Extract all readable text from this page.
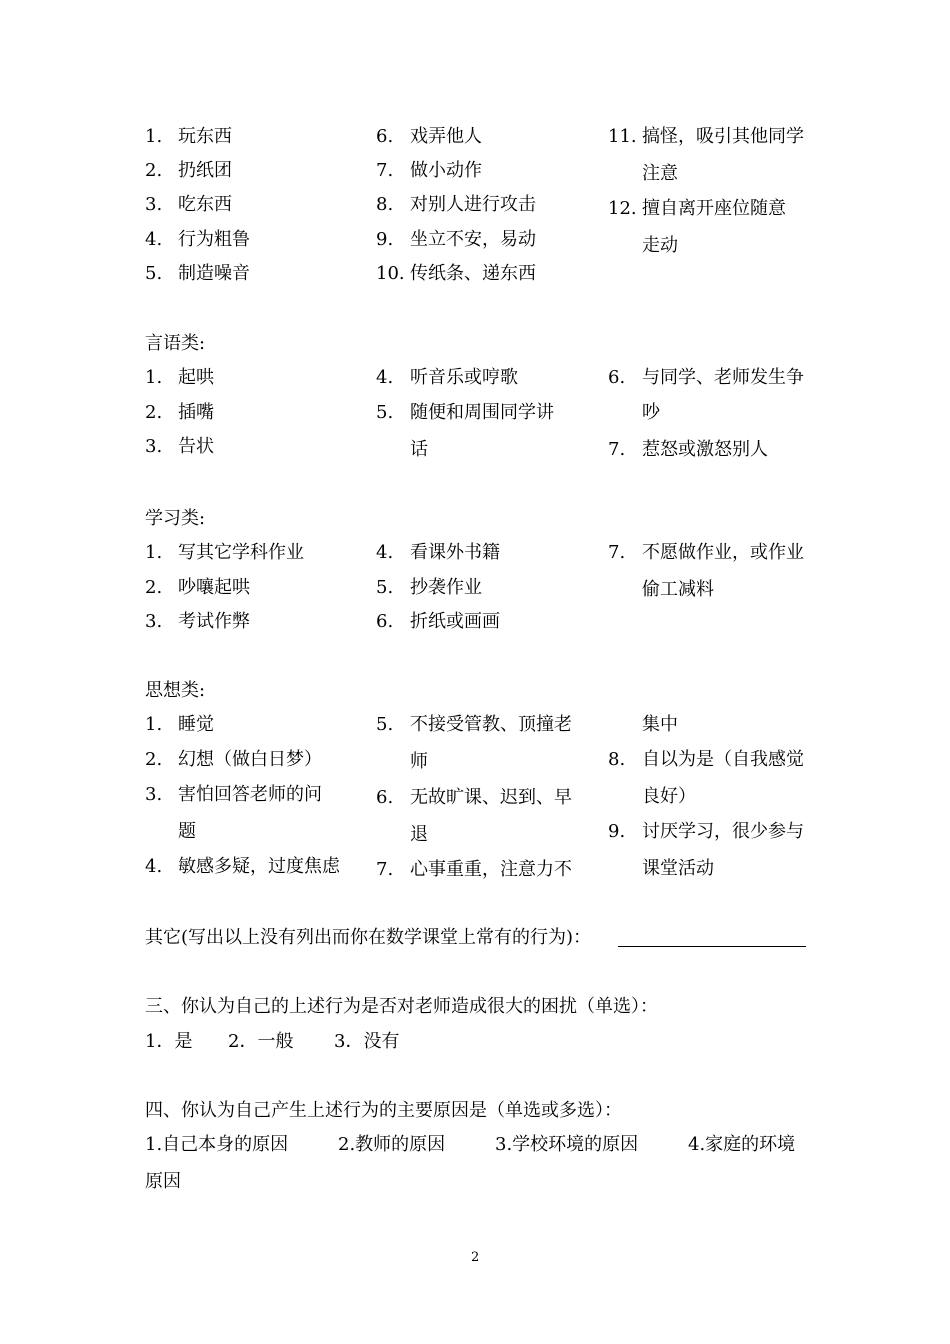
1. 玩东西
2. 扔纸团
3. 吃东西
4. 行为粗鲁
5. 制造噪音
6. 戏弄他人
7. 做小动作
8. 对别人进行攻击
9. 坐立不安，易动
10. 传纸条、递东西
11. 搞怪，吸引其他同学
注意
12. 擅自离开座位随意
走动
言语类:
1. 起哄
2. 插嘴
3. 告状
4. 听音乐或哼歌
5. 随便和周围同学讲
话
6. 与同学、老师发生争
吵
7. 惹怒或激怒别人
学习类:
1. 写其它学科作业
2. 吵嚷起哄
3. 考试作弊
4. 看课外书籍
5. 抄袭作业
6. 折纸或画画
7. 不愿做作业，或作业
偷工减料
思想类:
1. 睡觉
2. 幻想（做白日梦）
3. 害怕回答老师的问
题
4. 敏感多疑，过度焦虑
5. 不接受管教、顶撞老
师
6. 无故旷课、迟到、早
退
7. 心事重重，注意力不
集中
8. 自以为是（自我感觉
良好）
9. 讨厌学习，很少参与
课堂活动
其它(写出以上没有列出而你在数学课堂上常有的行为)：
三、你认为自己的上述行为是否对老师造成很大的困扰（单选）：
1．是 2．一般 3．没有
四、你认为自己产生上述行为的主要原因是（单选或多选）：
1.自己本身的原因	2.教师的原因	3.学校环境的原因	4.家庭的环境
原因
2
